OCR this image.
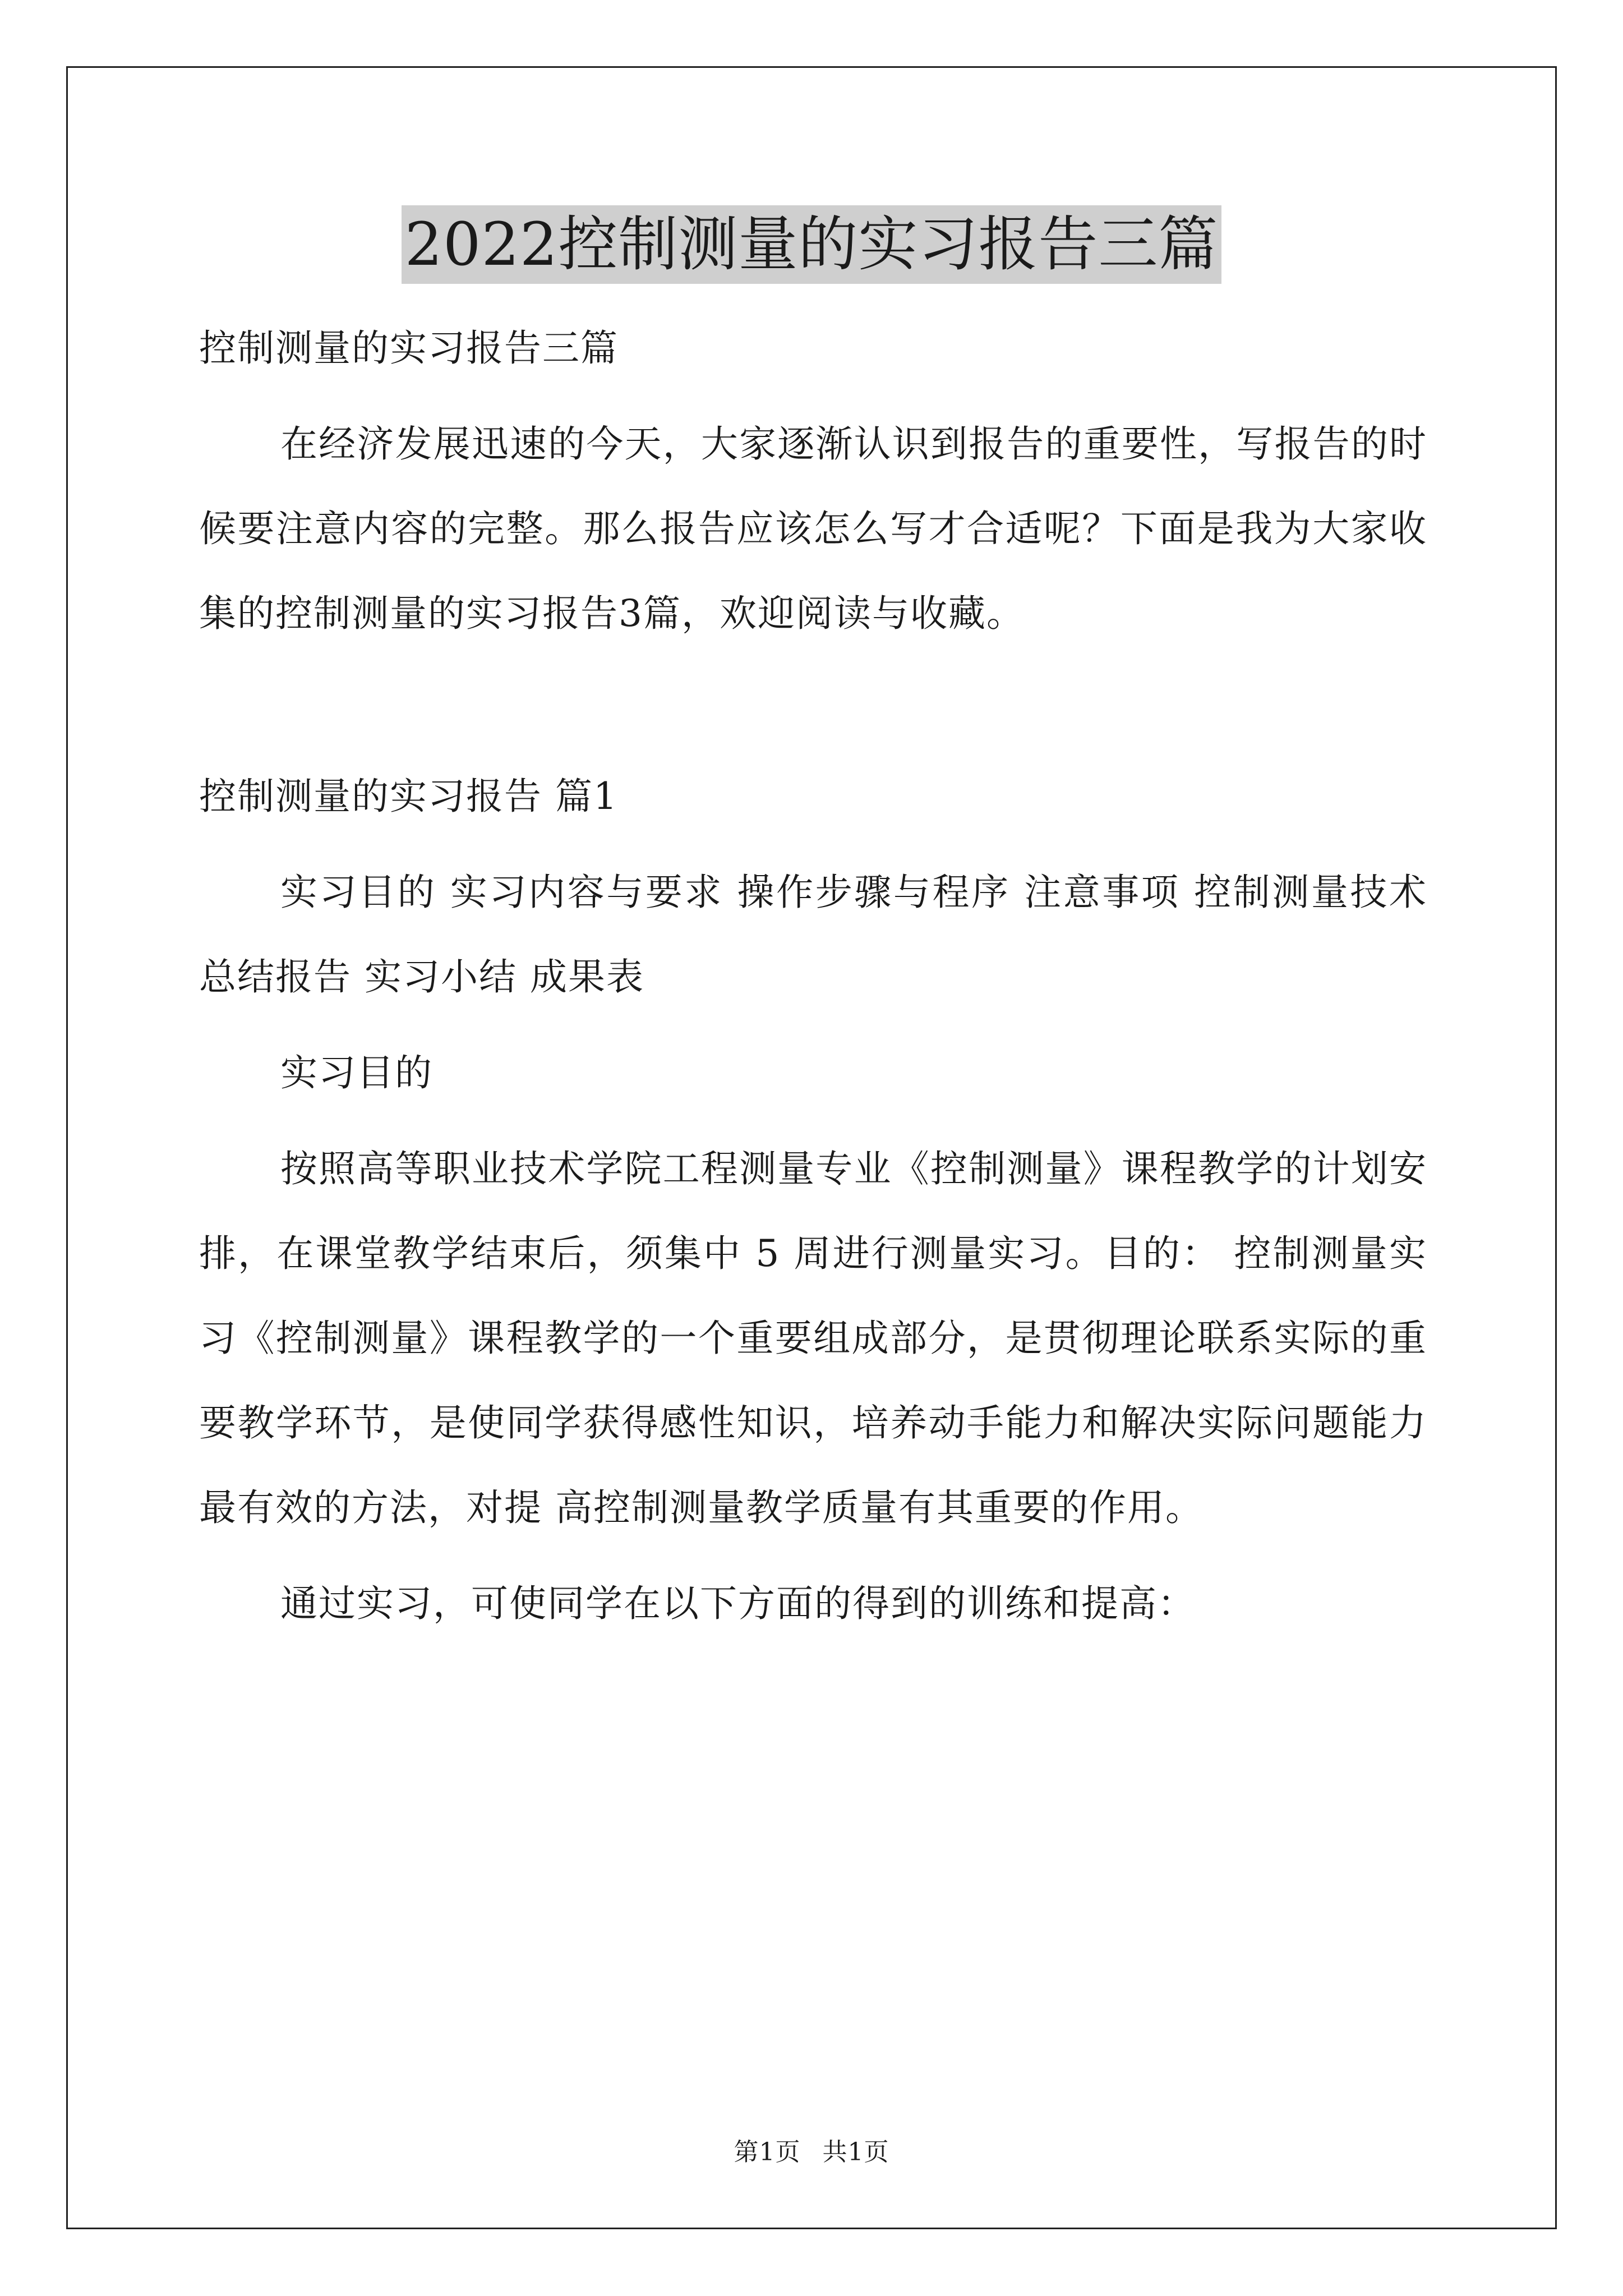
2022控制测量的实习报告三篇

控制测量的实习报告三篇

在经济发展迅速的今天，大家逐渐认识到报告的重要性，写报告的时候要注意内容的完整。那么报告应该怎么写才合适呢？下面是我为大家收集的控制测量的实习报告3篇，欢迎阅读与收藏。

控制测量的实习报告 篇1

实习目的 实习内容与要求 操作步骤与程序 注意事项 控制测量技术总结报告 实习小结 成果表

实习目的

按照高等职业技术学院工程测量专业《控制测量》课程教学的计划安排，在课堂教学结束后，须集中 5 周进行测量实习。目的： 控制测量实习《控制测量》课程教学的一个重要组成部分，是贯彻理论联系实际的重要教学环节，是使同学获得感性知识，培养动手能力和解决实际问题能力最有效的方法，对提 高控制测量教学质量有其重要的作用。

通过实习，可使同学在以下方面的得到的训练和提高：

第1页 共1页
